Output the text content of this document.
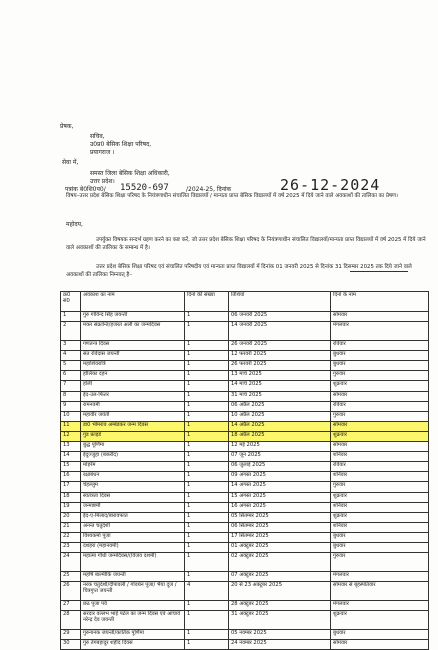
प्रेषक,
सचिव,
उ0प्र0 बेसिक शिक्षा परिषद,
प्रयागराज ।
सेवा में,
समस्त जिला बेसिक शिक्षा अधिकारी,
उत्तर प्रदेश।
पत्रांक बे0शि0प0/ 15520-697	/2024-25, दिनांक	26-12-2024
विषय–उत्तर प्रदेश बेसिक शिक्षा परिषद के नियंत्रणाधीन संचालित विद्यालयों / मान्यता प्राप्त बेसिक विद्यालयों में वर्ष 2025 में दिये जाने वाले अवकाशों की तालिका का प्रेषण।
महोदय,
उपर्युक्त विषयक सन्दर्भ ग्रहण करने का कष्ट करें, जो उत्तर प्रदेश बेसिक शिक्षा परिषद के नियंत्रणाधीन संचालित विद्यालयों/मान्यता प्राप्त विद्यालयों में वर्ष 2025 में दिये जाने वाले अवकाशों की तालिका के सम्बन्ध में है।
उत्तर प्रदेश बेसिक शिक्षा परिषद एवं संचालित परिषदीय एवं मान्यता प्राप्त विद्यालयों में दिनांक 01 जनवरी 2025 से दिनांक 31 दिसम्बर 2025 तक दिये जाने वाले अवकाशों की तालिका निम्नवत् है–
क्र0 सं0	अवकाश का नाम	दिनों की संख्या	तिथियां	दिनों के नाम
1	गुरु गोविन्द सिंह जयन्ती	1	06 जनवरी 2025	सोमवार
2	मकर संक्रान्ति/हजरत अली का जन्मदिवस	1	14 जनवरी 2025	मंगलवार
3	गणतन्त्र दिवस	1	26 जनवरी 2025	रविवार
4	संत रविदास जयन्ती	1	12 फरवरी 2025	बुधवार
5	महाशिवरात्रि	1	26 फरवरी 2025	बुधवार
6	होलिका दहन	1	13 मार्च 2025	गुरुवार
7	होली	1	14 मार्च 2025	शुक्रवार
8	ईद-उल-फितर	1	31 मार्च 2025	सोमवार
9	रामनवमी	1	06 अप्रैल 2025	रविवार
10	महावीर जयंती	1	10 अप्रैल 2025	गुरुवार
11	डा0 भीमराव अम्बेडकर जन्म दिवस	1	14 अप्रैल 2025	सोमवार
12	गुड फ्राइडे	1	18 अप्रैल 2025	शुक्रवार
13	बुद्ध पूर्णिमा	1	12 मई 2025	सोमवार
14	ईदुज्जुहा (बकरीद)	1	07 जून 2025	शनिवार
15	मोहर्रम	1	06 जुलाई 2025	रविवार
16	रक्षाबंधन	1	09 अगस्त 2025	शनिवार
17	चेहल्लुम	1	14 अगस्त 2025	गुरुवार
18	स्वतंत्रता दिवस	1	15 अगस्त 2025	शुक्रवार
19	जन्माष्टमी	1	16 अगस्त 2025	शनिवार
20	ईद-ए-मिलाद/बारावफात	1	05 सितम्बर 2025	शुक्रवार
21	अनन्त चतुर्दशी	1	06 सितम्बर 2025	शनिवार
22	विश्वकर्मा पूजा	1	17 सितम्बर 2025	बुधवार
23	दशहरा (महानवमी)	1	01 अक्टूबर 2025	बुधवार
24	महात्मा गाँधी जन्मदिवस/(विजय दशमी)	1	02 अक्टूबर 2025	गुरुवार
25	महर्षि बाल्मीकि जयन्ती	1	07 अक्टूबर 2025	मंगलवार
26	नरक चतुर्दशी/दीपावली / गोवर्धन पूजा/ भैया दूज / चित्रगुप्त जयन्ती	4	20 से 23 अक्टूबर 2025	सोमवार से बृहस्पतिवार
27	छठ पूजा पर्व	1	28 अक्टूबर 2025	मंगलवार
28	सरदार वल्लभ भाई पटेल का जन्म दिवस एवं आचार्य नरेन्द्र देव जयन्ती	1	31 अक्टूबर 2025	शुक्रवार
29	गुरुनानक जयन्ती/कार्तिक पूर्णिमा	1	05 नवम्बर 2025	बुधवार
30	गुरु तेगबहादुर शहीद दिवस	1	24 नवम्बर 2025	सोमवार
